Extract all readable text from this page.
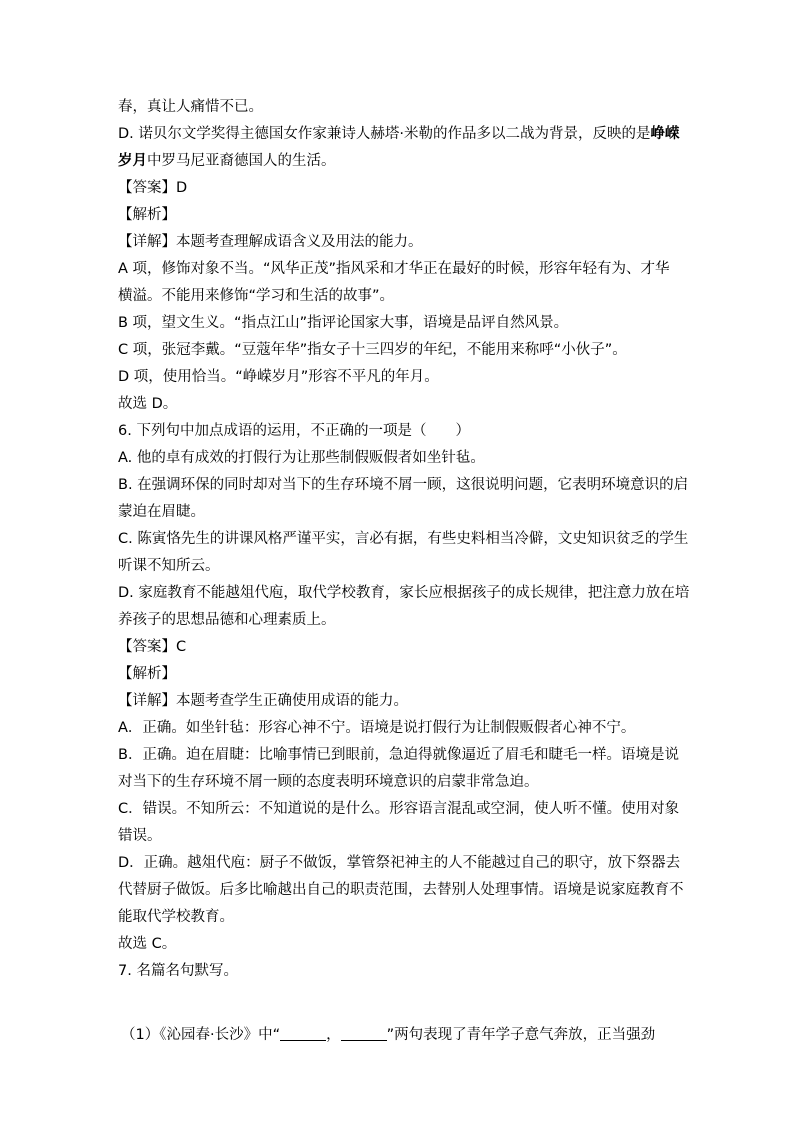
春，真让人痛惜不已。
D. 诺贝尔文学奖得主德国女作家兼诗人赫塔·米勒的作品多以二战为背景，反映的是峥嵘
岁月中罗马尼亚裔德国人的生活。
【答案】D
【解析】
【详解】本题考查理解成语含义及用法的能力。
A 项，修饰对象不当。“风华正茂”指风采和才华正在最好的时候，形容年轻有为、才华
横溢。不能用来修饰“学习和生活的故事”。
B 项，望文生义。“指点江山”指评论国家大事，语境是品评自然风景。
C 项，张冠李戴。“豆蔻年华”指女子十三四岁的年纪，不能用来称呼“小伙子”。
D 项，使用恰当。“峥嵘岁月”形容不平凡的年月。
故选 D。
6. 下列句中加点成语的运用，不正确的一项是（　　）
A. 他的卓有成效的打假行为让那些制假贩假者如坐针毡。
B. 在强调环保的同时却对当下的生存环境不屑一顾，这很说明问题，它表明环境意识的启
蒙迫在眉睫。
C. 陈寅恪先生的讲课风格严谨平实，言必有据，有些史料相当冷僻，文史知识贫乏的学生
听课不知所云。
D. 家庭教育不能越俎代庖，取代学校教育，家长应根据孩子的成长规律，把注意力放在培
养孩子的思想品德和心理素质上。
【答案】C
【解析】
【详解】本题考查学生正确使用成语的能力。
A．正确。如坐针毡：形容心神不宁。语境是说打假行为让制假贩假者心神不宁。
B．正确。迫在眉睫：比喻事情已到眼前，急迫得就像逼近了眉毛和睫毛一样。语境是说
对当下的生存环境不屑一顾的态度表明环境意识的启蒙非常急迫。
C．错误。不知所云：不知道说的是什么。形容语言混乱或空洞，使人听不懂。使用对象
错误。
D．正确。越俎代庖：厨子不做饭，掌管祭祀神主的人不能越过自己的职守，放下祭器去
代替厨子做饭。后多比喻越出自己的职责范围，去替别人处理事情。语境是说家庭教育不
能取代学校教育。
故选 C。
7. 名篇名句默写。
（1）《沁园春·长沙》中“	，	”两句表现了青年学子意气奔放，正当强劲
